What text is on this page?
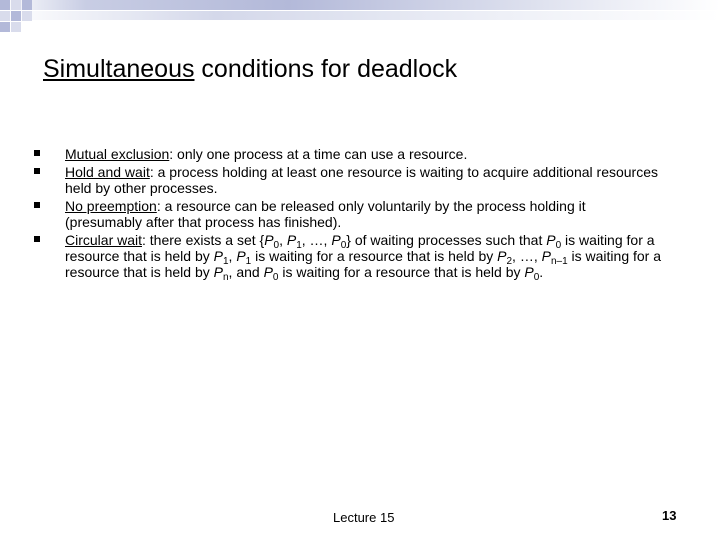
Simultaneous conditions for deadlock
Mutual exclusion: only one process at a time can use a resource.
Hold and wait: a process holding at least one resource is waiting to acquire additional resources held by other processes.
No preemption: a resource can be released only voluntarily by the process holding it (presumably after that process has finished).
Circular wait: there exists a set {$P_0$, $P_1$, …, $P_0$} of waiting processes such that $P_0$ is waiting for a resource that is held by $P_1$, $P_1$ is waiting for a resource that is held by $P_2$, …, $P_{n-1}$ is waiting for a resource that is held by $P_n$, and $P_0$ is waiting for a resource that is held by $P_0$.
Lecture 15	13
